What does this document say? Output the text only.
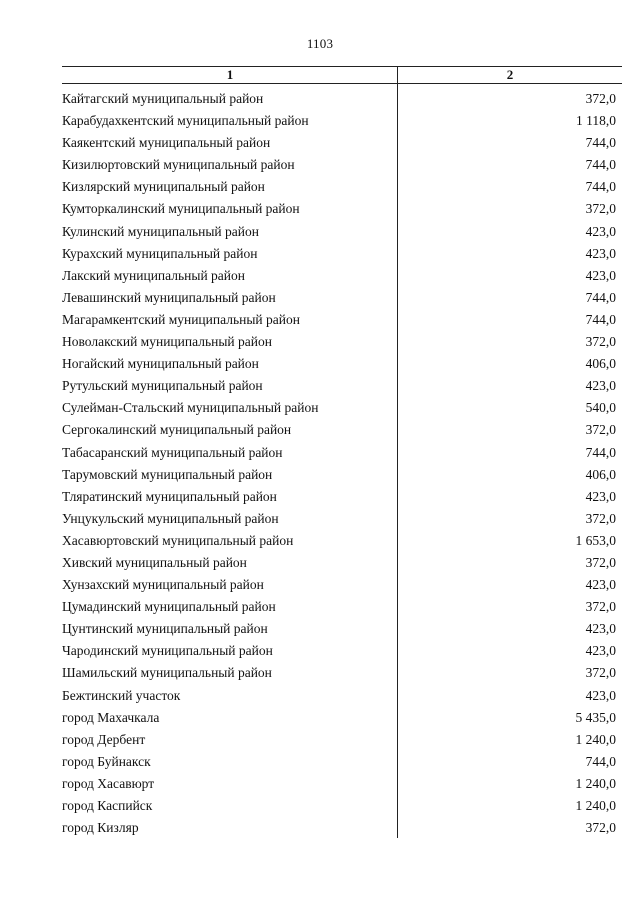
1103
1	2
Кайтагский муниципальный район	372,0
Карабудахкентский муниципальный район	1 118,0
Каякентский муниципальный район	744,0
Кизилюртовский муниципальный район	744,0
Кизлярский муниципальный район	744,0
Кумторкалинский муниципальный район	372,0
Кулинский муниципальный район	423,0
Курахский муниципальный район	423,0
Лакский муниципальный район	423,0
Левашинский муниципальный район	744,0
Магарамкентский муниципальный район	744,0
Новолакский муниципальный район	372,0
Ногайский муниципальный район	406,0
Рутульский муниципальный район	423,0
Сулейман-Стальский муниципальный район	540,0
Сергокалинский муниципальный район	372,0
Табасаранский муниципальный район	744,0
Тарумовский муниципальный район	406,0
Тляратинский муниципальный район	423,0
Унцукульский муниципальный район	372,0
Хасавюртовский муниципальный район	1 653,0
Хивский муниципальный район	372,0
Хунзахский муниципальный район	423,0
Цумадинский муниципальный район	372,0
Цунтинский муниципальный район	423,0
Чародинский муниципальный район	423,0
Шамильский муниципальный район	372,0
Бежтинский участок	423,0
город Махачкала	5 435,0
город Дербент	1 240,0
город Буйнакск	744,0
город Хасавюрт	1 240,0
город Каспийск	1 240,0
город Кизляр	372,0
